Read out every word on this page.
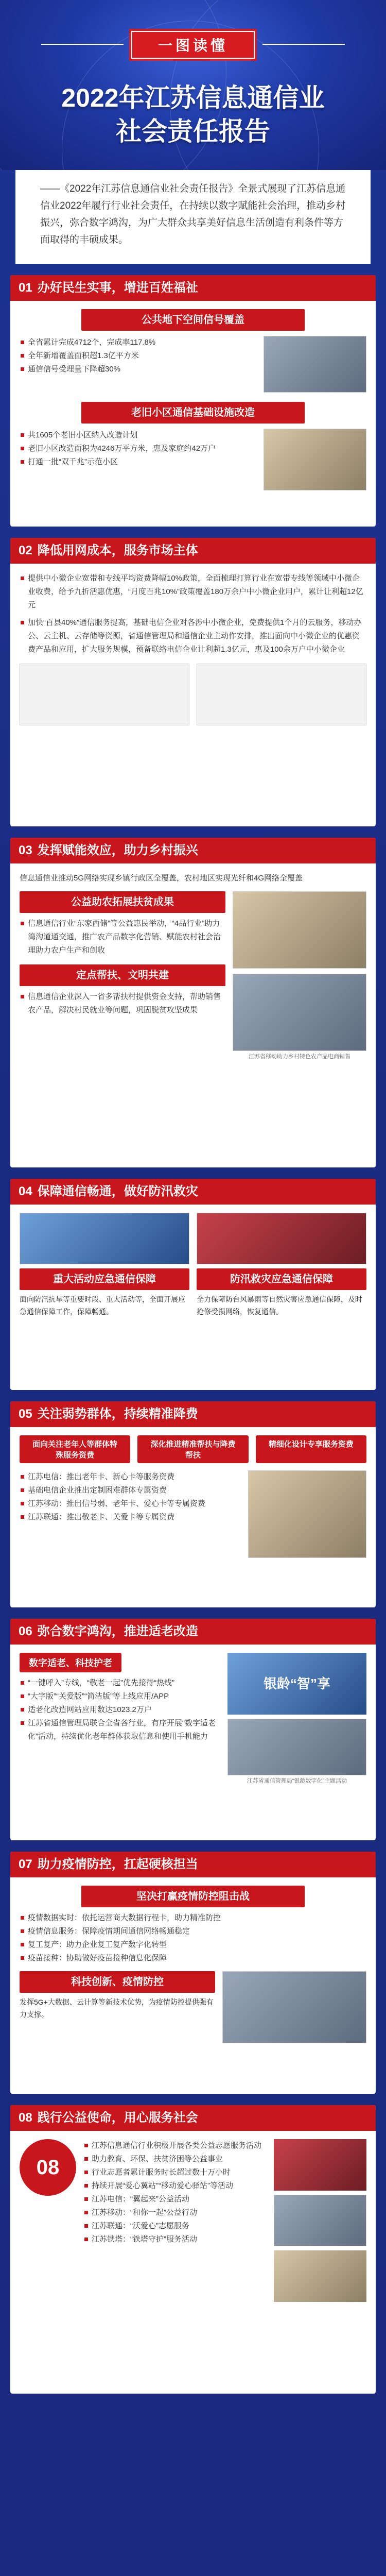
一图读懂
2022年江苏信息通信业
社会责任报告

——《2022年江苏信息通信业社会责任报告》全景式展现了江苏信息通信业2022年履行行业社会责任，在持续以数字赋能社会治理，推动乡村振兴，弥合数字鸿沟，为广大群众共享美好信息生活创造有利条件等方面取得的丰硕成果。

01 办好民生实事，增进百姓福祉
公共地下空间信号覆盖
全省累计完成4712个，完成率117.8%
全年新增覆盖面积超1.3亿平方米
通信信号受理量下降超30%
老旧小区通信基础设施改造
共1605个老旧小区纳入改造计划
老旧小区改造面积为4246万平方米，惠及家庭约42万户
打通一批“双千兆”示范小区
02 降低用网成本，服务市场主体
提供中小微企业宽带和专线平均资费降幅10%政策，全面梳理打算行业在宽带专线等领域中小微企业收费，给予九折活惠优惠，“月度百兆10%”政策覆盖180万余户中小微企业用户，累计让利超12亿元
加快“百县40%”通信服务提高，基础电信企业对各涉中小微企业，免费提供1个月的云服务，移动办公、云主机、云存储等资源，省通信管理局和通信企业主动作安排，推出面向中小微企业的优惠资费产品和应用，扩大服务规模，预备联络电信企业让利超1.3亿元，惠及100余万户中小微企业
03 发挥赋能效应，助力乡村振兴
信息通信业推动5G网络实现乡镇行政区全覆盖，农村地区实现光纤和4G网络全覆盖
公益助农拓展扶贫成果
信息通信行业“东家西储”等公益惠民举动，“4品行业”助力湾沟道通交通，推广农产品数字化营销、赋能农村社会治理助力农户生产和创收
定点帮扶、文明共建
信息通信企业深入一省多帮扶村提供资金支持，帮助销售农产品，解决村民就业等问题，巩固脱贫攻坚成果
江苏省移动助力乡村特色农产品电商销售
04 保障通信畅通，做好防汛救灾
重大活动应急通信保障
面向防汛抗旱等重要时段、重大活动等，全面开展应急通信保障工作，保障畅通。
防汛救灾应急通信保障
全力保障防台风暴雨等自然灾害应急通信保障，及时抢修受损网络，恢复通信。
05 关注弱势群体，持续精准降费
面向关注老年人等群体特殊服务资费
深化推进精准帮扶与降费帮扶
精细化设计专享服务资费
江苏电信：推出老年卡、新心卡等服务资费
基础电信企业推出定制困难群体专属资费
江苏移动：推出信号弱、老年卡、爱心卡等专属资费
江苏联通：推出敬老卡、关爱卡等专属资费
06 弥合数字鸿沟，推进适老改造
数字适老、科技护老
“一键呼入”专线，“敬老一起”优先接待“热线”
“大字版”“关爱版”“简洁版”等上线应用/APP
适老化改造网站应用数达1023.2万户
江苏省通信管理局联合全省各行业，有序开展“数字适老化”活动，持续优化老年群体获取信息和使用手机能力
银龄“智”享
江苏省通信管理局“银龄数字化”主题活动
07 助力疫情防控，扛起硬核担当
坚决打赢疫情防控阻击战
疫情数据实时：依托运营商大数据行程卡，助力精准防控
疫情信息服务：保障疫情期间通信网络畅通稳定
复工复产：助力企业复工复产数字化转型
疫苗接种：协助做好疫苗接种信息化保障
科技创新、疫情防控
发挥5G+大数据、云计算等新技术优势，为疫情防控提供强有力支撑。
08 践行公益使命，用心服务社会
08
江苏信息通信行业积极开展各类公益志愿服务活动
助力教育、环保、扶贫济困等公益事业
行业志愿者累计服务时长超过数十万小时
持续开展“爱心翼站”“移动爱心驿站”等活动
江苏电信：“翼起来”公益活动
江苏移动：“和你一起”公益行动
江苏联通：“沃爱心”志愿服务
江苏铁塔：“铁塔守护”服务活动
